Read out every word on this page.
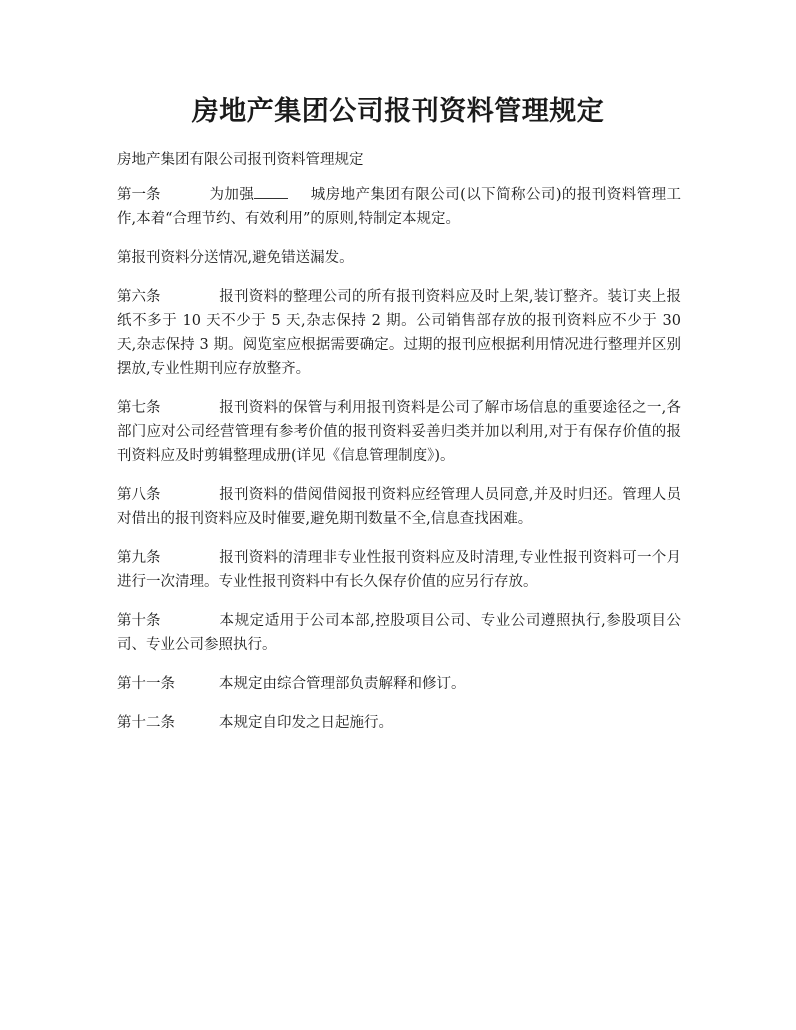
房地产集团公司报刊资料管理规定
房地产集团有限公司报刊资料管理规定

第一条	为加强	城房地产集团有限公司(以下简称公司)的报刊资料管理工作,本着“合理节约、有效利用”的原则,特制定本规定。

第报刊资料分送情况,避免错送漏发。

第六条	报刊资料的整理公司的所有报刊资料应及时上架,装订整齐。装订夹上报纸不多于 10 天不少于 5 天,杂志保持 2 期。公司销售部存放的报刊资料应不少于 30 天,杂志保持 3 期。阅览室应根据需要确定。过期的报刊应根据利用情况进行整理并区别摆放,专业性期刊应存放整齐。

第七条	报刊资料的保管与利用报刊资料是公司了解市场信息的重要途径之一,各部门应对公司经营管理有参考价值的报刊资料妥善归类并加以利用,对于有保存价值的报刊资料应及时剪辑整理成册(详见《信息管理制度》)。

第八条	报刊资料的借阅借阅报刊资料应经管理人员同意,并及时归还。管理人员对借出的报刊资料应及时催要,避免期刊数量不全,信息查找困难。

第九条	报刊资料的清理非专业性报刊资料应及时清理,专业性报刊资料可一个月进行一次清理。专业性报刊资料中有长久保存价值的应另行存放。

第十条	本规定适用于公司本部,控股项目公司、专业公司遵照执行,参股项目公司、专业公司参照执行。

第十一条	本规定由综合管理部负责解释和修订。

第十二条	本规定自印发之日起施行。
